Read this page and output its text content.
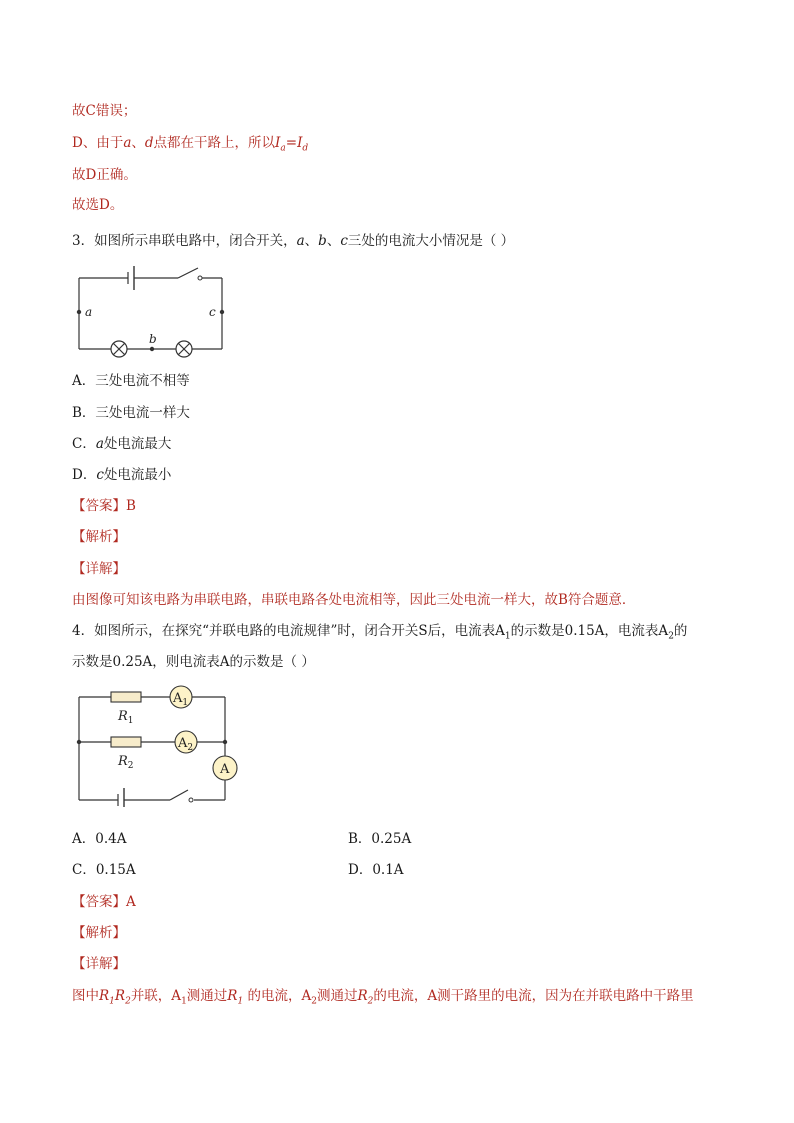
故C错误；
D、由于a、d点都在干路上，所以$I_a=I_d$
故D正确。
故选D。
3．如图所示串联电路中，闭合开关，a、b、c三处的电流大小情况是（ ）
a	c
b
A．三处电流不相等
B．三处电流一样大
C．a处电流最大
D．c处电流最小
【答案】B
【解析】
【详解】
由图像可知该电路为串联电路，串联电路各处电流相等，因此三处电流一样大，故B符合题意．
4．如图所示，在探究“并联电路的电流规律”时，闭合开关S后，电流表$A_1$的示数是0.15A，电流表$A_2$的
示数是0.25A，则电流表A的示数是（ ）
$A_1$
$A_2$
A
$R_1$
$R_2$
A．0.4A	B．0.25A
C．0.15A	D．0.1A
【答案】A
【解析】
【详解】
图中$R_1R_2$并联，$A_1$测通过$R_1$ 的电流，$A_2$测通过$R_2$的电流，A测干路里的电流，因为在并联电路中干路里
